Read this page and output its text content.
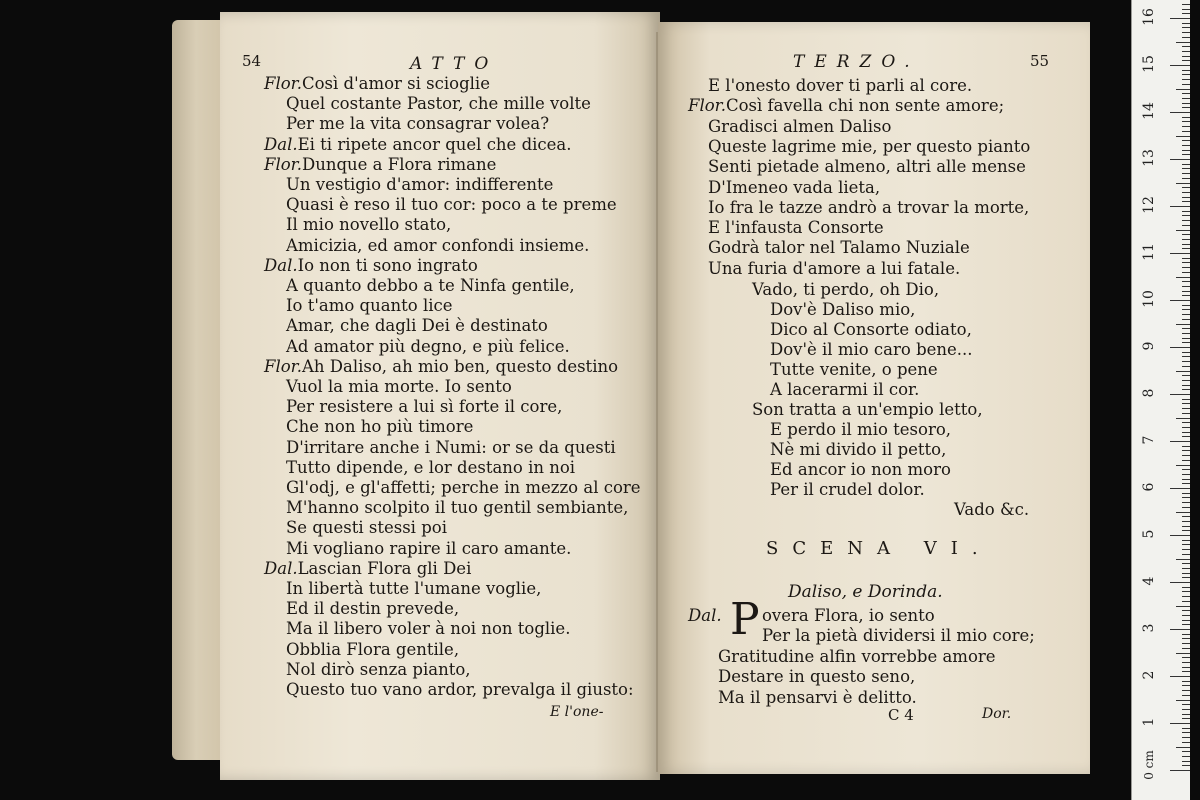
54	ATTO
Flor.Così d'amor si scioglie
Quel costante Pastor, che mille volte
Per me la vita consagrar volea?
Dal.Ei ti ripete ancor quel che dicea.
Flor.Dunque a Flora rimane
Un vestigio d'amor: indifferente
Quasi è reso il tuo cor: poco a te preme
Il mio novello stato,
Amicizia, ed amor confondi insieme.
Dal.Io non ti sono ingrato
A quanto debbo a te Ninfa gentile,
Io t'amo quanto lice
Amar, che dagli Dei è destinato
Ad amator più degno, e più felice.
Flor.Ah Daliso, ah mio ben, questo destino
Vuol la mia morte. Io sento
Per resistere a lui sì forte il core,
Che non ho più timore
D'irritare anche i Numi: or se da questi
Tutto dipende, e lor destano in noi
Gl'odj, e gl'affetti; perche in mezzo al core
M'hanno scolpito il tuo gentil sembiante,
Se questi stessi poi
Mi vogliano rapire il caro amante.
Dal.Lascian Flora gli Dei
In libertà tutte l'umane voglie,
Ed il destin prevede,
Ma il libero voler à noi non toglie.
Obblia Flora gentile,
Nol dirò senza pianto,
Questo tuo vano ardor, prevalga il giusto:
E l'one-
TERZO.	55
E l'onesto dover ti parli al core.
Flor.Così favella chi non sente amore;
Gradisci almen Daliso
Queste lagrime mie, per questo pianto
Senti pietade almeno, altri alle mense
D'Imeneo vada lieta,
Io fra le tazze andrò a trovar la morte,
E l'infausta Consorte
Godrà talor nel Talamo Nuziale
Una furia d'amore a lui fatale.
Vado, ti perdo, oh Dio,
Dov'è Daliso mio,
Dico al Consorte odiato,
Dov'è il mio caro bene...
Tutte venite, o pene
A lacerarmi il cor.
Son tratta a un'empio letto,
E perdo il mio tesoro,
Nè mi divido il petto,
Ed ancor io non moro
Per il crudel dolor.
Vado &c.
SCENA VI.
Daliso, e Dorinda.
Dal. P overa Flora, io sento
Per la pietà dividersi il mio core;
Gratitudine alfin vorrebbe amore
Destare in questo seno,
Ma il pensarvi è delitto.
C 4	Dor.
0 cm
1
2
3
4
5
6
7
8
9
10
11
12
13
14
15
16
